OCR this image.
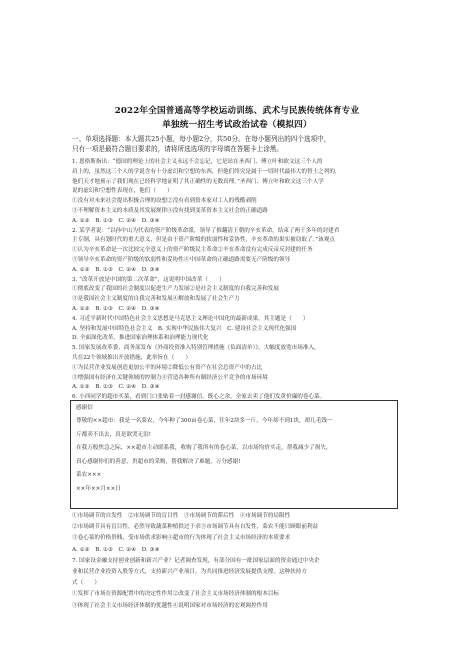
2022年全国普通高等学校运动训练、武术与民族传统体育专业
单独统一招生考试政治试卷（模拟四）
一、单项选择题：本大题共25小题，每小题2分，共50分。在每小题列出的四个选项中，
只有一项是最符合题目要求的，请将所选选项的字母填在答题卡上涂黑。
1. 恩格斯指出：“德国的理论上的社会主义永远不会忘记，它是站在圣西门、傅立叶和欧文这三个人的
肩上的，虽然这三个人的学说含有十分虚幻和空想的东西，但他们终究是属于一切时代最伟大的智士之列的，
他们天才地预示了我们现在已经科学地证明了其正确性的无数真理。”圣西门、傅立叶和欧文这三个人学
说的虚幻和空想性表现在，他们（　　）
①没有对未来社会提出积极合理的设想②没有看到资本家对工人的残酷剥削
③不理解资本主义的本质及其发展规律④没有找到变革资本主义社会的正确道路
A. ①②　B. ①③　C. ②④　D. ③④
2. 某学者说：“以孙中山为代表的资产阶级革命派，领导了推翻清王朝的辛亥革命，结束了两千多年的封建君
主专制，具有划时代的重大意义，但是由于资产阶级的软弱性和妥协性，辛亥革命的果实被窃取了。”该观点
①认为辛亥革命是一次比较完全意义上的资产阶级民主革命②辛亥革命没有完成反帝反封建的任务
③领导辛亥革命的资产阶级的软弱性和妥协性④中国革命的正确道路需要无产阶级的领导
A. ①②　B. ①③　C. ②④　D. ③④
3. “改革开放是中国的第二次革命”，这说明中国改革（　　）
①彻底改变了我国的社会制度以促进生产力发展②是社会主义制度的自我完善和发展
③是我国社会主义制度的自我完善和发展④解放和发展了社会生产力
A. ①②　B. ①③　C. ②④　D. ③④
4. 习近平新时代中国特色社会主义思想是马克思主义理论中国化的最新成果，其主题是（　　）
A. 坚持和发展中国特色社会主义　B. 实现中华民族伟大复兴　C. 建设社会主义现代化强国
D. 全面深化改革，推进国家治理体系和治理能力现代化
5. 国家发展改革委、商务部发布《外商投资准入特别管理措施（负面清单）》，大幅度放宽市场准入，
共在22个领域推出开放措施，此举旨在（　　）
①为民营企业发展创造更加公平的环境②降低公有资产在社会总资产中的占比
③增强国有经济在关键领域的控制力④营造各种所有制经济公平竞争的市场环境
A. ①②　B. ①③　C. ②④　D. ③④
6. 小西同学的超市买菜，看到门口张贴着一封感谢信。既心之余，全家去卖了他们发黄价廉的卷心菜。
感谢信
尊敬的××超市：我是一名菜农，今年种了300亩卷心菜，往年2块多一斤，今年却不到1块，却几毛钱一
斤都卖不出去，真是欲哭无泪!
在我万般焦急之际，××超市主动联系我，收购了我所有的卷心菜，以市场均价买走，帮我减少了损失，
真心感谢你们的善意，贵超市的采购，帮我解决了难题，万分感谢!
菜农×××
××年××月××日
①市场调节的自发性　②市场调节的盲目性　③市场调节的滞后性　④市场调节的局限性
②市场调节具有盲目性，必然导致蔬菜种植供过于求③市场调节具有自发性，菜农不能只顾眼前利益
③卷心菜的价格贵贱，受市场供求影响④超市的行为体现了社会主义市场经济的本质要求
A. ①②　B. ①③　C. ②④　D. ③④
7. 国家设金融支持创业创新和新兴产业？记者调查发现，有部分国有一批国家层面的资金通过中央企
业和民营企业投资入股等方式，支持新兴产业项目，为共同推进经济发展提供支撑。这种扶持方
式（　　）
①发挥了市场在资源配置中的决定性作用②改变了社会主义市场经济体制的根本目标
③体现了社会主义市场经济体制的优越性④说明国家对市场经济的宏观调控作用
